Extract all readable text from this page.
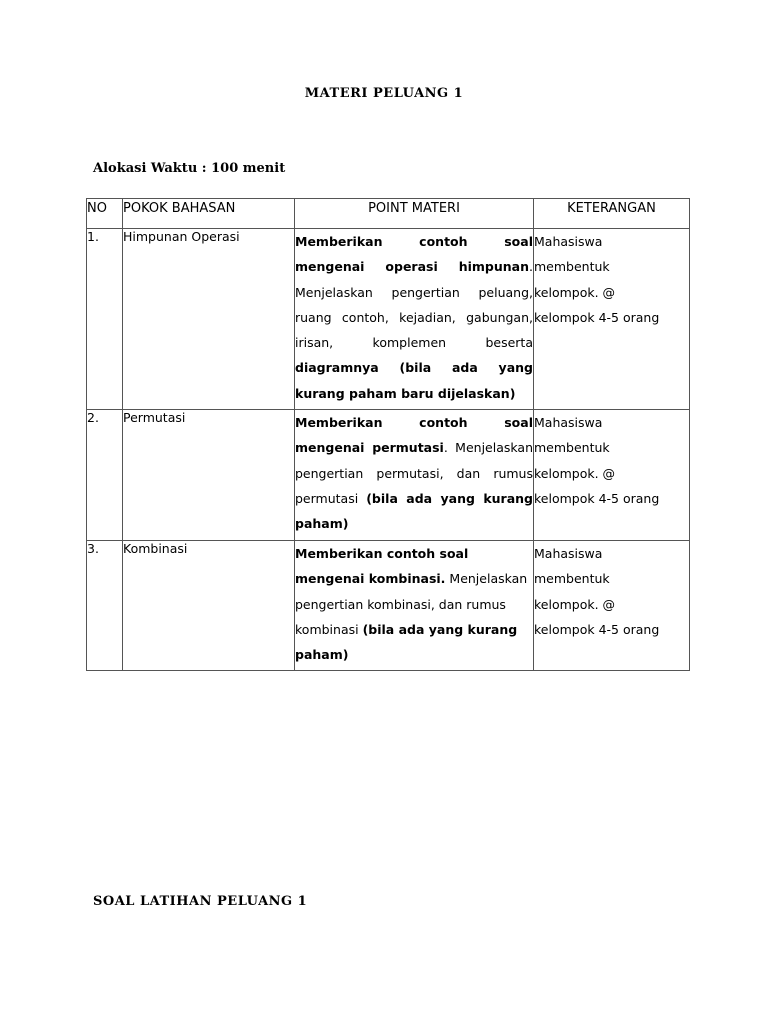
MATERI PELUANG 1
Alokasi Waktu : 100 menit
NO	POKOK BAHASAN	POINT MATERI	KETERANGAN
1.	Himpunan Operasi	Memberikan contoh soal mengenai operasi himpunan. Menjelaskan pengertian peluang, ruang contoh, kejadian, gabungan, irisan, komplemen beserta diagramnya (bila ada yang kurang paham baru dijelaskan)	Mahasiswa
membentuk
kelompok. @
kelompok 4-5 orang

2.	Permutasi	Memberikan contoh soal mengenai permutasi. Menjelaskan pengertian permutasi, dan rumus permutasi (bila ada yang kurang paham)	Mahasiswa
membentuk
kelompok. @
kelompok 4-5 orang

3.	Kombinasi	Memberikan contoh soal mengenai kombinasi. Menjelaskan pengertian kombinasi, dan rumus kombinasi (bila ada yang kurang paham)	Mahasiswa
membentuk
kelompok. @
kelompok 4-5 orang
SOAL LATIHAN PELUANG 1
